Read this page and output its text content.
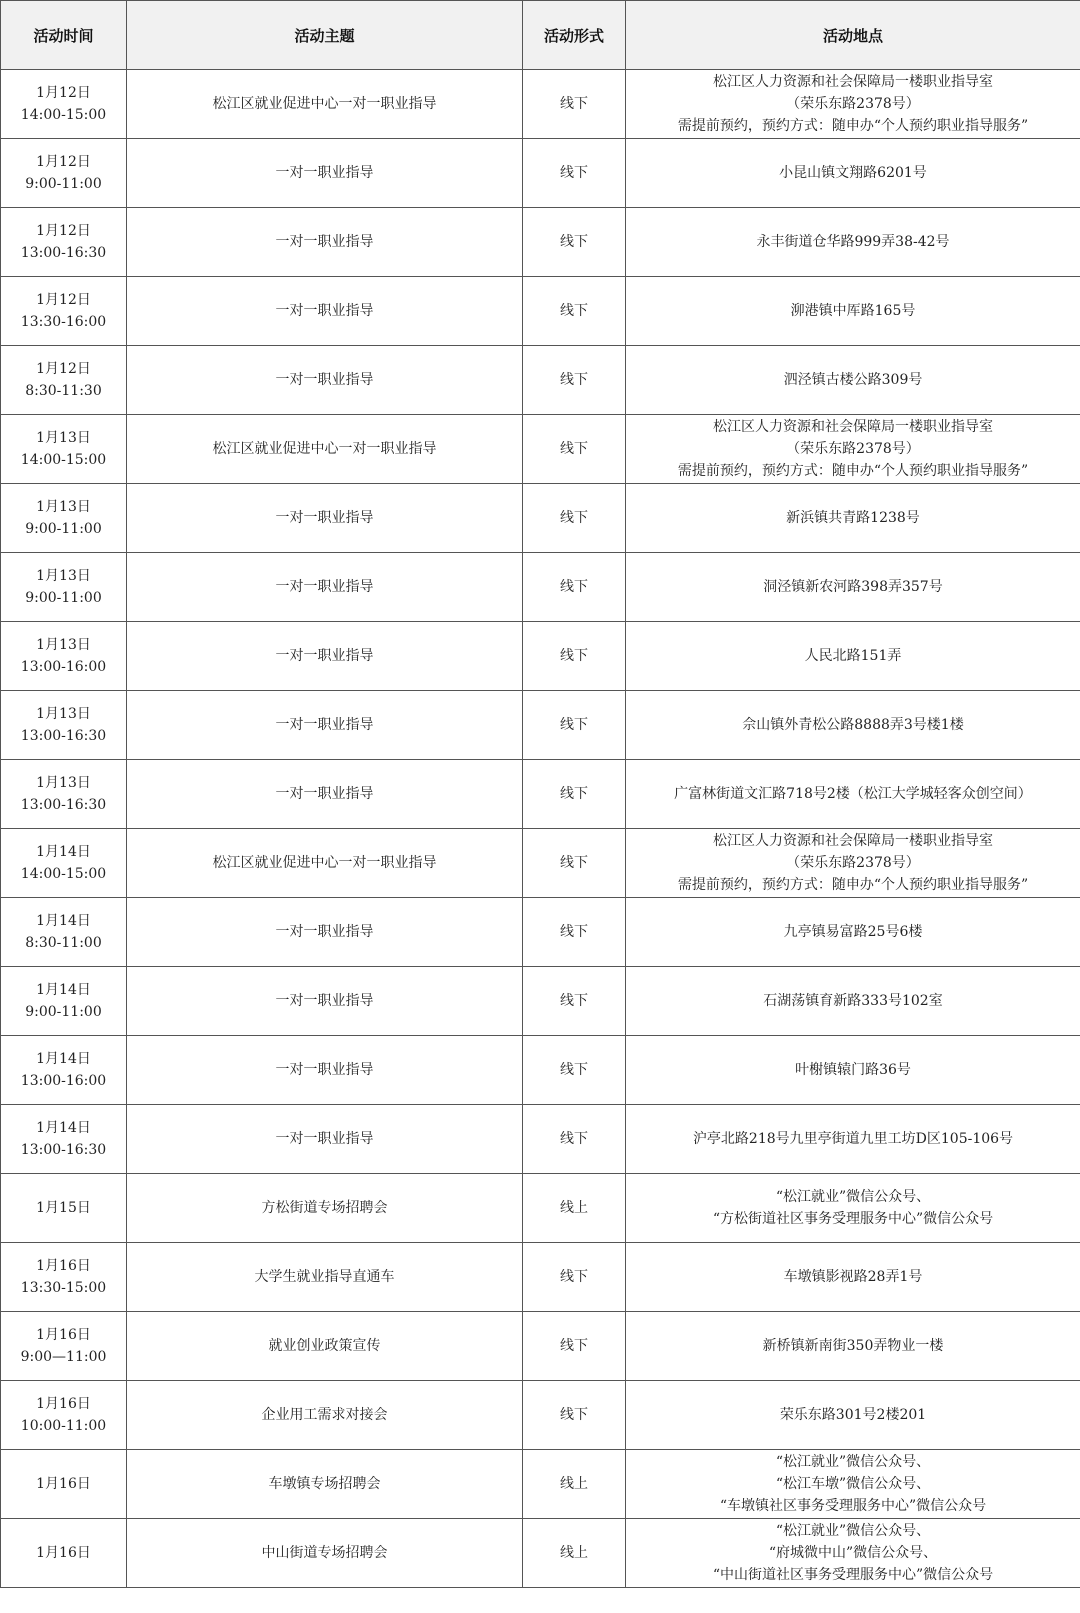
活动时间	活动主题	活动形式	活动地点

1月12日
14:00-15:00	松江区就业促进中心一对一职业指导	线下	松江区人力资源和社会保障局一楼职业指导室
（荣乐东路2378号）
需提前预约，预约方式：随申办“个人预约职业指导服务”

1月12日
9:00-11:00	一对一职业指导	线下	小昆山镇文翔路6201号

1月12日
13:00-16:30	一对一职业指导	线下	永丰街道仓华路999弄38-42号

1月12日
13:30-16:00	一对一职业指导	线下	泖港镇中厍路165号

1月12日
8:30-11:30	一对一职业指导	线下	泗泾镇古楼公路309号

1月13日
14:00-15:00	松江区就业促进中心一对一职业指导	线下	松江区人力资源和社会保障局一楼职业指导室
（荣乐东路2378号）
需提前预约，预约方式：随申办“个人预约职业指导服务”

1月13日
9:00-11:00	一对一职业指导	线下	新浜镇共青路1238号

1月13日
9:00-11:00	一对一职业指导	线下	洞泾镇新农河路398弄357号

1月13日
13:00-16:00	一对一职业指导	线下	人民北路151弄

1月13日
13:00-16:30	一对一职业指导	线下	佘山镇外青松公路8888弄3号楼1楼

1月13日
13:00-16:30	一对一职业指导	线下	广富林街道文汇路718号2楼（松江大学城轻客众创空间）

1月14日
14:00-15:00	松江区就业促进中心一对一职业指导	线下	松江区人力资源和社会保障局一楼职业指导室
（荣乐东路2378号）
需提前预约，预约方式：随申办“个人预约职业指导服务”

1月14日
8:30-11:00	一对一职业指导	线下	九亭镇易富路25号6楼

1月14日
9:00-11:00	一对一职业指导	线下	石湖荡镇育新路333号102室

1月14日
13:00-16:00	一对一职业指导	线下	叶榭镇辕门路36号

1月14日
13:00-16:30	一对一职业指导	线下	沪亭北路218号九里亭街道九里工坊D区105-106号

1月15日	方松街道专场招聘会	线上	“松江就业”微信公众号、
“方松街道社区事务受理服务中心”微信公众号

1月16日
13:30-15:00	大学生就业指导直通车	线下	车墩镇影视路28弄1号

1月16日
9:00—11:00	就业创业政策宣传	线下	新桥镇新南街350弄物业一楼

1月16日
10:00-11:00	企业用工需求对接会	线下	荣乐东路301号2楼201

1月16日	车墩镇专场招聘会	线上	“松江就业”微信公众号、
“松江车墩”微信公众号、
“车墩镇社区事务受理服务中心”微信公众号

1月16日	中山街道专场招聘会	线上	“松江就业”微信公众号、
“府城微中山”微信公众号、
“中山街道社区事务受理服务中心”微信公众号
